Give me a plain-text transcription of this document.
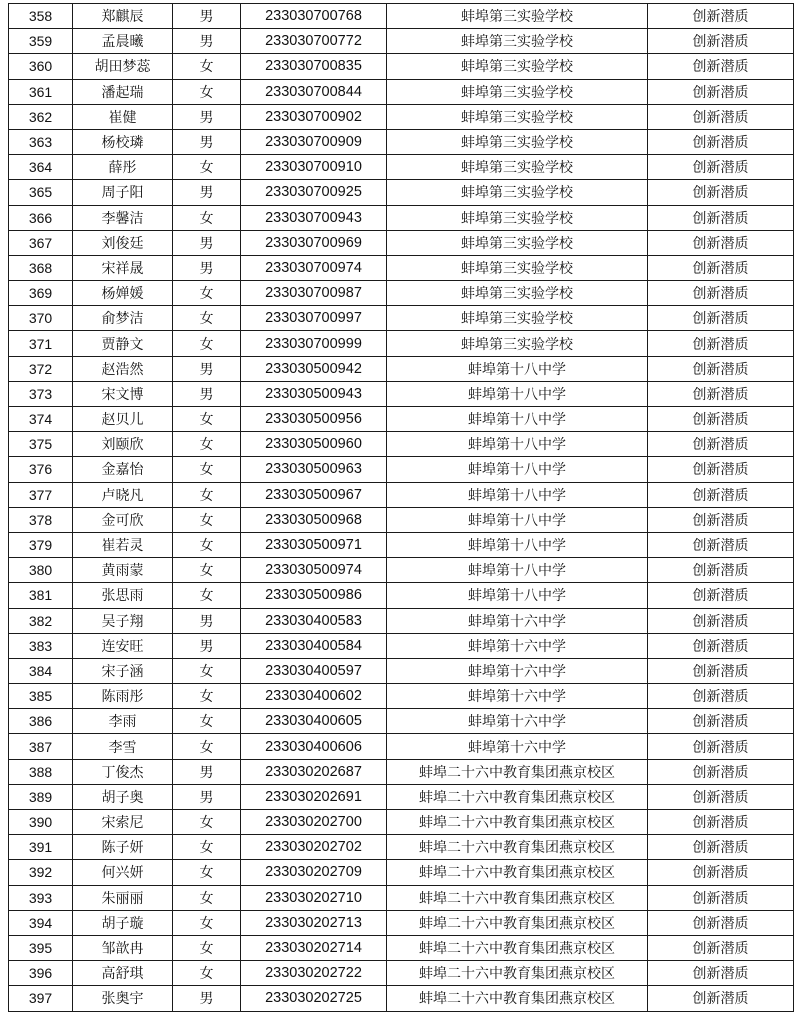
358	郑麒辰	男	233030700768	蚌埠第三实验学校	创新潜质
359	孟晨曦	男	233030700772	蚌埠第三实验学校	创新潜质
360	胡田梦蕊	女	233030700835	蚌埠第三实验学校	创新潜质
361	潘起瑞	女	233030700844	蚌埠第三实验学校	创新潜质
362	崔健	男	233030700902	蚌埠第三实验学校	创新潜质
363	杨校璘	男	233030700909	蚌埠第三实验学校	创新潜质
364	薛彤	女	233030700910	蚌埠第三实验学校	创新潜质
365	周子阳	男	233030700925	蚌埠第三实验学校	创新潜质
366	李馨洁	女	233030700943	蚌埠第三实验学校	创新潜质
367	刘俊廷	男	233030700969	蚌埠第三实验学校	创新潜质
368	宋祥晟	男	233030700974	蚌埠第三实验学校	创新潜质
369	杨婵媛	女	233030700987	蚌埠第三实验学校	创新潜质
370	俞梦洁	女	233030700997	蚌埠第三实验学校	创新潜质
371	贾静文	女	233030700999	蚌埠第三实验学校	创新潜质
372	赵浩然	男	233030500942	蚌埠第十八中学	创新潜质
373	宋文博	男	233030500943	蚌埠第十八中学	创新潜质
374	赵贝儿	女	233030500956	蚌埠第十八中学	创新潜质
375	刘颐欣	女	233030500960	蚌埠第十八中学	创新潜质
376	金嘉怡	女	233030500963	蚌埠第十八中学	创新潜质
377	卢晓凡	女	233030500967	蚌埠第十八中学	创新潜质
378	金可欣	女	233030500968	蚌埠第十八中学	创新潜质
379	崔若灵	女	233030500971	蚌埠第十八中学	创新潜质
380	黄雨蒙	女	233030500974	蚌埠第十八中学	创新潜质
381	张思雨	女	233030500986	蚌埠第十八中学	创新潜质
382	吴子翔	男	233030400583	蚌埠第十六中学	创新潜质
383	连安旺	男	233030400584	蚌埠第十六中学	创新潜质
384	宋子涵	女	233030400597	蚌埠第十六中学	创新潜质
385	陈雨彤	女	233030400602	蚌埠第十六中学	创新潜质
386	李雨	女	233030400605	蚌埠第十六中学	创新潜质
387	李雪	女	233030400606	蚌埠第十六中学	创新潜质
388	丁俊杰	男	233030202687	蚌埠二十六中教育集团燕京校区	创新潜质
389	胡子奥	男	233030202691	蚌埠二十六中教育集团燕京校区	创新潜质
390	宋索尼	女	233030202700	蚌埠二十六中教育集团燕京校区	创新潜质
391	陈子妍	女	233030202702	蚌埠二十六中教育集团燕京校区	创新潜质
392	何兴妍	女	233030202709	蚌埠二十六中教育集团燕京校区	创新潜质
393	朱丽丽	女	233030202710	蚌埠二十六中教育集团燕京校区	创新潜质
394	胡子璇	女	233030202713	蚌埠二十六中教育集团燕京校区	创新潜质
395	邹歆冉	女	233030202714	蚌埠二十六中教育集团燕京校区	创新潜质
396	高舒琪	女	233030202722	蚌埠二十六中教育集团燕京校区	创新潜质
397	张奥宇	男	233030202725	蚌埠二十六中教育集团燕京校区	创新潜质
